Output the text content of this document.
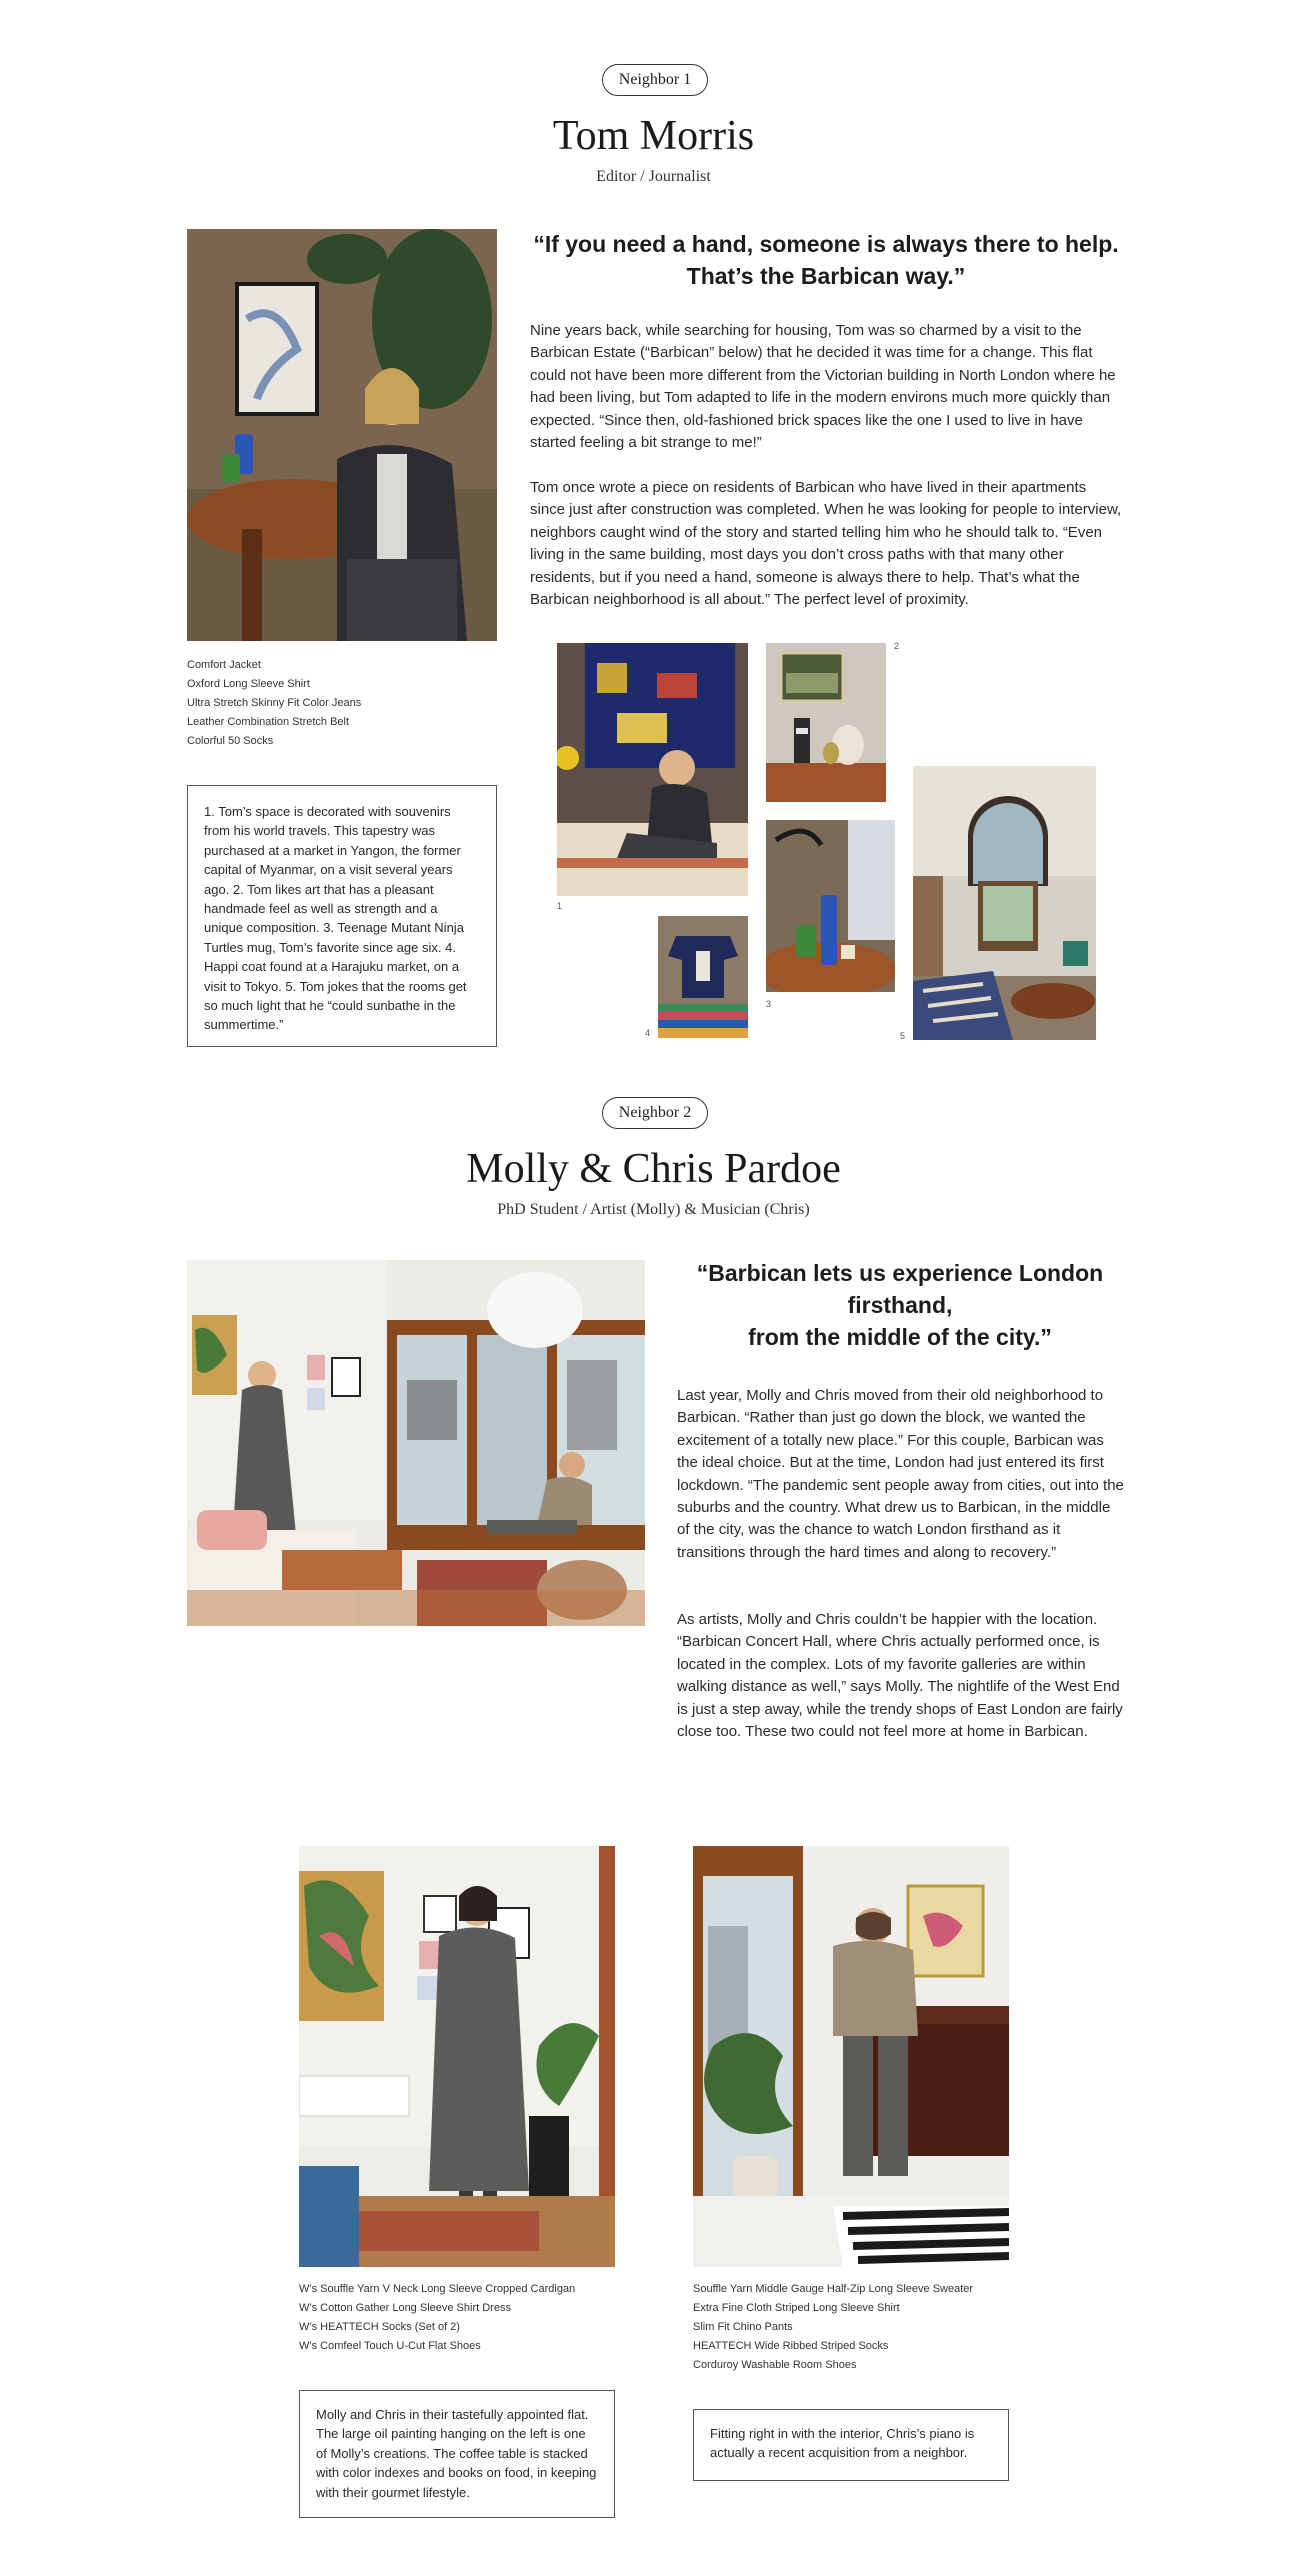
Neighbor 1
Tom Morris
Editor / Journalist
Comfort Jacket
Oxford Long Sleeve Shirt
Ultra Stretch Skinny Fit Color Jeans
Leather Combination Stretch Belt
Colorful 50 Socks
1. Tom’s space is decorated with souvenirs from his world travels. This tapestry was purchased at a market in Yangon, the former capital of Myanmar, on a visit several years ago. 2. Tom likes art that has a pleasant handmade feel as well as strength and a unique composition. 3. Teenage Mutant Ninja Turtles mug, Tom’s favorite since age six. 4. Happi coat found at a Harajuku market, on a visit to Tokyo. 5. Tom jokes that the rooms get so much light that he “could sunbathe in the summertime.”
“If you need a hand, someone is always there to help. That’s the Barbican way.”
Nine years back, while searching for housing, Tom was so charmed by a visit to the Barbican Estate (“Barbican” below) that he decided it was time for a change. This flat could not have been more different from the Victorian building in North London where he had been living, but Tom adapted to life in the modern environs much more quickly than expected. “Since then, old-fashioned brick spaces like the one I used to live in have started feeling a bit strange to me!”
Tom once wrote a piece on residents of Barbican who have lived in their apartments since just after construction was completed. When he was looking for people to interview, neighbors caught wind of the story and started telling him who he should talk to. “Even living in the same building, most days you don’t cross paths with that many other residents, but if you need a hand, someone is always there to help. That’s what the Barbican neighborhood is all about.” The perfect level of proximity.
1
2
3
4	5
Neighbor 2
Molly & Chris Pardoe
PhD Student / Artist (Molly) & Musician (Chris)
“Barbican lets us experience London
firsthand,
from the middle of the city.”
Last year, Molly and Chris moved from their old neighborhood to Barbican. “Rather than just go down the block, we wanted the excitement of a totally new place.” For this couple, Barbican was the ideal choice. But at the time, London had just entered its first lockdown. “The pandemic sent people away from cities, out into the suburbs and the country. What drew us to Barbican, in the middle of the city, was the chance to watch London firsthand as it transitions through the hard times and along to recovery.”
As artists, Molly and Chris couldn’t be happier with the location. “Barbican Concert Hall, where Chris actually performed once, is located in the complex. Lots of my favorite galleries are within walking distance as well,” says Molly. The nightlife of the West End is just a step away, while the trendy shops of East London are fairly close too. These two could not feel more at home in Barbican.
W’s Souffle Yarn V Neck Long Sleeve Cropped Cardigan
W’s Cotton Gather Long Sleeve Shirt Dress
W’s HEATTECH Socks (Set of 2)
W’s Comfeel Touch U-Cut Flat Shoes
Souffle Yarn Middle Gauge Half-Zip Long Sleeve Sweater
Extra Fine Cloth Striped Long Sleeve Shirt
Slim Fit Chino Pants
HEATTECH Wide Ribbed Striped Socks
Corduroy Washable Room Shoes
Molly and Chris in their tastefully appointed flat. The large oil painting hanging on the left is one of Molly’s creations. The coffee table is stacked with color indexes and books on food, in keeping with their gourmet lifestyle.
Fitting right in with the interior, Chris’s piano is actually a recent acquisition from a neighbor.
